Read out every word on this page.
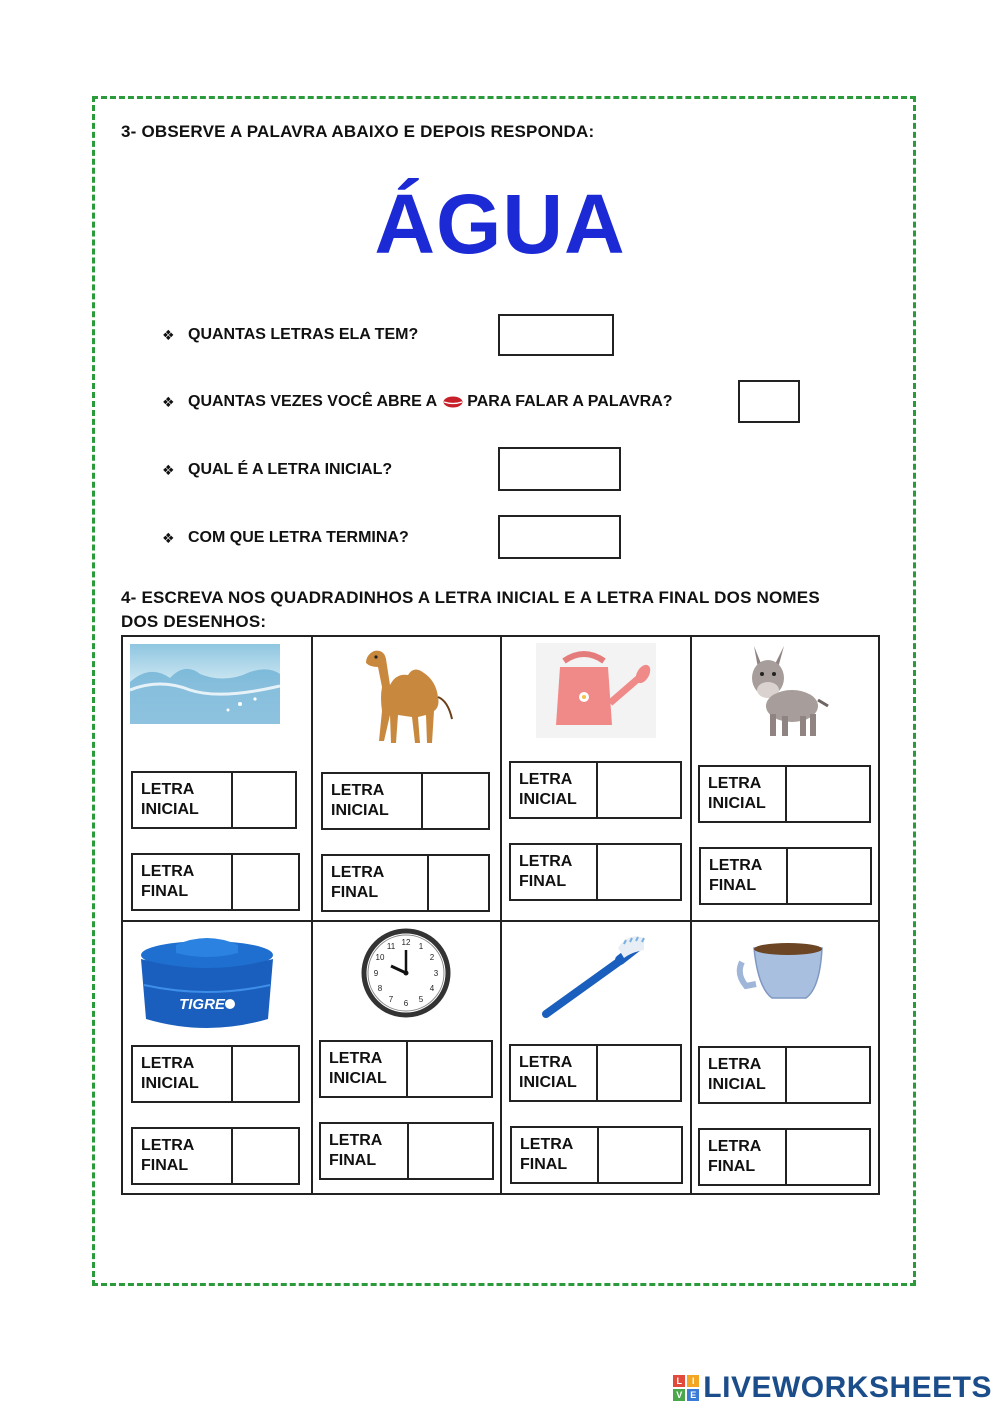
3- OBSERVE A PALAVRA ABAIXO E DEPOIS RESPONDA:
ÁGUA
❖ QUANTAS LETRAS ELA TEM?
❖ QUANTAS VEZES VOCÊ ABRE A PARA FALAR A PALAVRA?
❖ QUAL É A LETRA INICIAL?
❖ COM QUE LETRA TERMINA?
4- ESCREVA NOS QUADRADINHOS A LETRA INICIAL E A LETRA FINAL DOS NOMES
DOS DESENHOS:
LETRA
INICIAL
LETRA
FINAL
LETRA
INICIAL
LETRA
FINAL
LETRA
INICIAL
LETRA
FINAL
LETRA
INICIAL
LETRA
FINAL
TIGRE
12 1
2
3
4
5
6
7
8
9
10
11
LETRA
INICIAL
LETRA
FINAL
LETRA
INICIAL
LETRA
FINAL
LETRA
INICIAL
LETRA
FINAL
LETRA
INICIAL
LETRA
FINAL
L	I
V E LIVEWORKSHEETS
